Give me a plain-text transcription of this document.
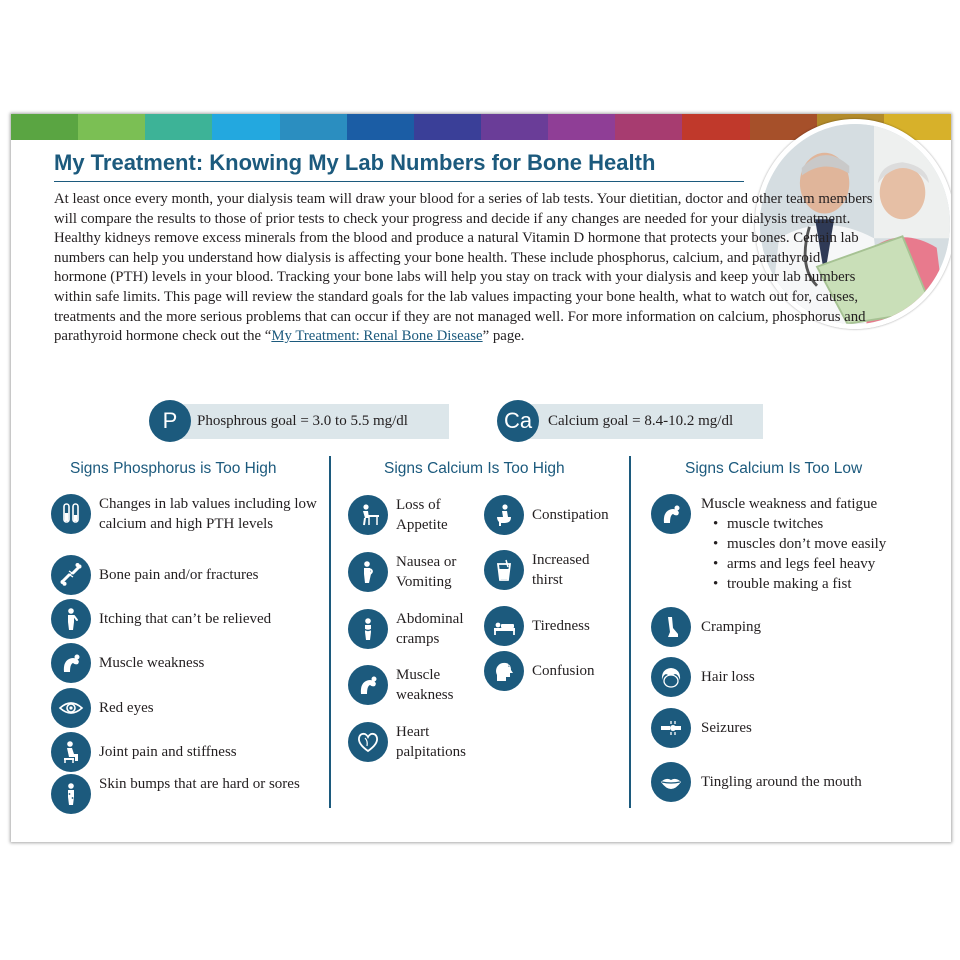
My Treatment: Knowing My Lab Numbers for Bone Health

At least once every month, your dialysis team will draw your blood for a series of lab tests. Your dietitian, doctor and other team members will compare the results to those of prior tests to check your progress and decide if any changes are needed for your dialysis treatment. Healthy kidneys remove excess minerals from the blood and produce a natural Vitamin D hormone that protects your bones. Certain lab numbers can help you understand how dialysis is affecting your bone health. These include phosphorus, calcium, and parathyroid hormone (PTH) levels in your blood. Tracking your bone labs will help you stay on track with your dialysis and keep your lab numbers within safe limits. This page will review the standard goals for the lab values impacting your bone health, what to watch out for, causes, treatments and the more serious problems that can occur if they are not managed well. For more information on calcium, phosphorus and parathyroid hormone check out the “My Treatment: Renal Bone Disease” page.

P	Phosphrous goal = 3.0 to 5.5 mg/dl	Ca	Calcium goal = 8.4-10.2 mg/dl
Signs Phosphorus is Too High	Signs Calcium Is Too High	Signs Calcium Is Too Low
Changes in lab values including low calcium and high PTH levels
Bone pain and/or fractures
Itching that can’t be relieved
Muscle weakness
Red eyes
Joint pain and stiffness
Skin bumps that are hard or sores
Loss of Appetite
Nausea or Vomiting
Abdominal cramps
Muscle weakness
Heart palpitations
Constipation
Increased thirst
Tiredness
?	Confusion
Muscle weakness and fatigue
• muscle twitches
• muscles don’t move easily
• arms and legs feel heavy
• trouble making a fist
Cramping
Hair loss
Seizures
Tingling around the mouth
